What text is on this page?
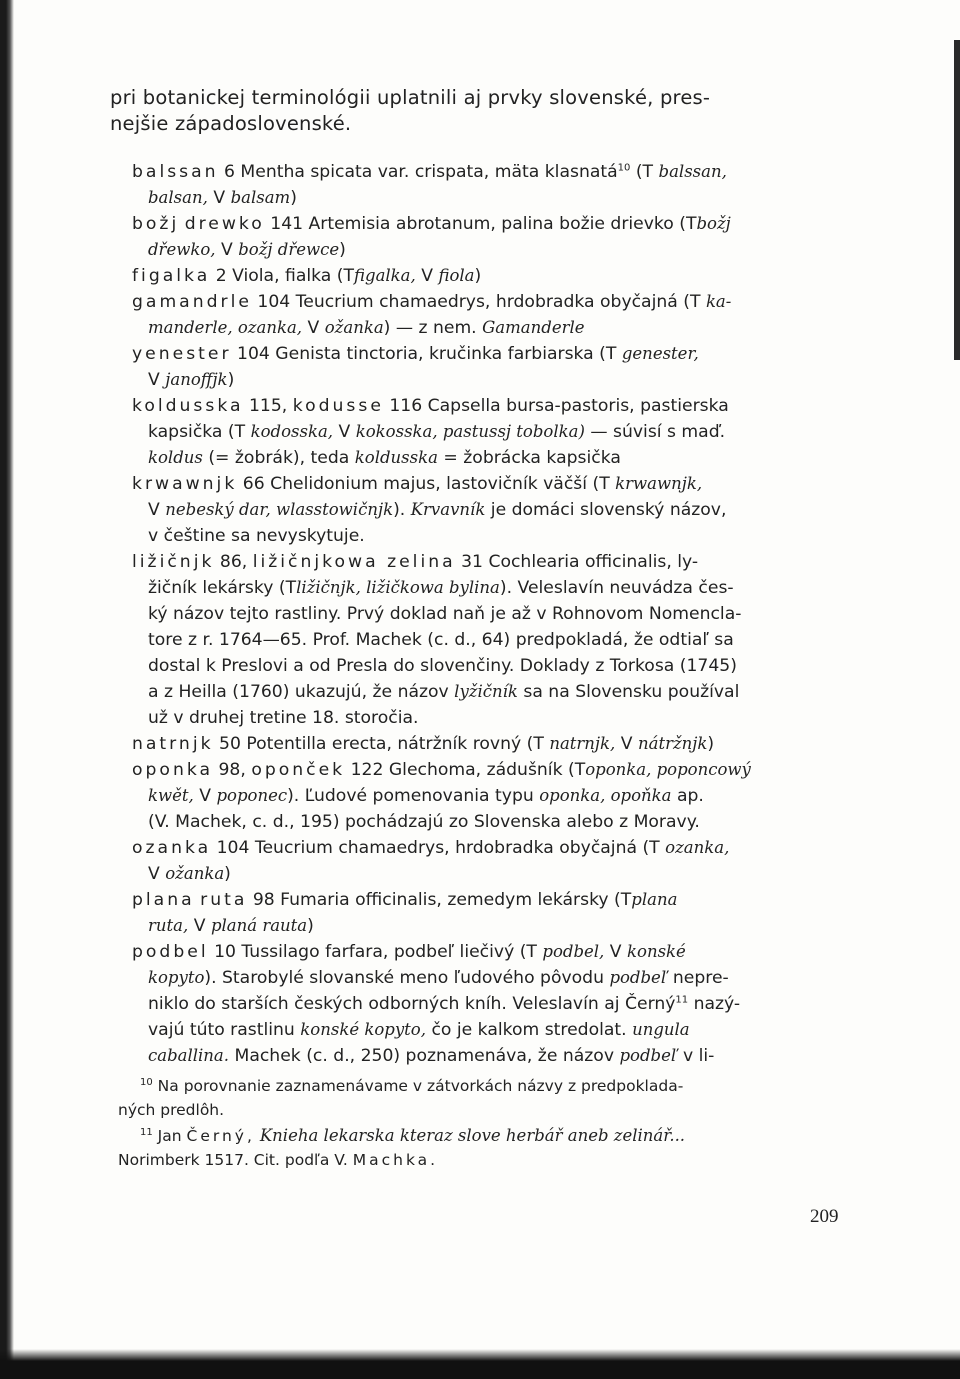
pri botanickej terminológii uplatnili aj prvky slovenské, pres-
nejšie západoslovenské.
balssan 6 Mentha spicata var. crispata, mäta klasnatá$^{10}$ (T balssan,
balsan, V balsam)
božj drewko 141 Artemisia abrotanum, palina božie drievko (Tbožj
dřewko, V božj dřewce)
figalka 2 Viola, fialka (Tfigalka, V fiola)
gamandrle 104 Teucrium chamaedrys, hrdobradka obyčajná (T ka-
manderle, ozanka, V ožanka) — z nem. Gamanderle
yenester 104 Genista tinctoria, kručinka farbiarska (T genester,
V janoffjk)
koldusska 115, kodusse 116 Capsella bursa-pastoris, pastierska
kapsička (T kodosska, V kokosska, pastussj tobolka) — súvisí s maď.
koldus (= žobrák), teda koldusska = žobrácka kapsička
krwawnjk 66 Chelidonium majus, lastovičník väčší (T krwawnjk,
V nebeský dar, wlasstowičnjk). Krvavník je domáci slovenský názov,
v češtine sa nevyskytuje.
ližičnjk 86, ližičnjkowa zelina 31 Cochlearia officinalis, ly-
žičník lekársky (Tližičnjk, ližičkowa bylina). Veleslavín neuvádza čes-
ký názov tejto rastliny. Prvý doklad naň je až v Rohnovom Nomencla-
tore z r. 1764—65. Prof. Machek (c. d., 64) predpokladá, že odtiaľ sa
dostal k Preslovi a od Presla do slovenčiny. Doklady z Torkosa (1745)
a z Heilla (1760) ukazujú, že názov lyžičník sa na Slovensku používal
už v druhej tretine 18. storočia.
natrnjk 50 Potentilla erecta, nátržník rovný (T natrnjk, V nátržnjk)
oponka 98, oponček 122 Glechoma, zádušník (Toponka, poponcowý
kwět, V poponec). Ľudové pomenovania typu oponka, opoňka ap.
(V. Machek, c. d., 195) pochádzajú zo Slovenska alebo z Moravy.
ozanka 104 Teucrium chamaedrys, hrdobradka obyčajná (T ozanka,
V ožanka)
plana ruta 98 Fumaria officinalis, zemedym lekársky (Tplana
ruta, V planá rauta)
podbel 10 Tussilago farfara, podbeľ liečivý (T podbel, V konské
kopyto). Starobylé slovanské meno ľudového pôvodu podbeľ nepre-
niklo do starších českých odborných kníh. Veleslavín aj Černý$^{11}$ nazý-
vajú túto rastlinu konské kopyto, čo je kalkom stredolat. ungula
caballina. Machek (c. d., 250) poznamenáva, že názov podbeľ v li-
$^{10}$ Na porovnanie zaznamenávame v zátvorkách názvy z predpoklada-
ných predlôh.
$^{11}$ Jan Černý, Knieha lekarska kteraz slove herbář aneb zelinář...
Norimberk 1517. Cit. podľa V. Machka.
209
